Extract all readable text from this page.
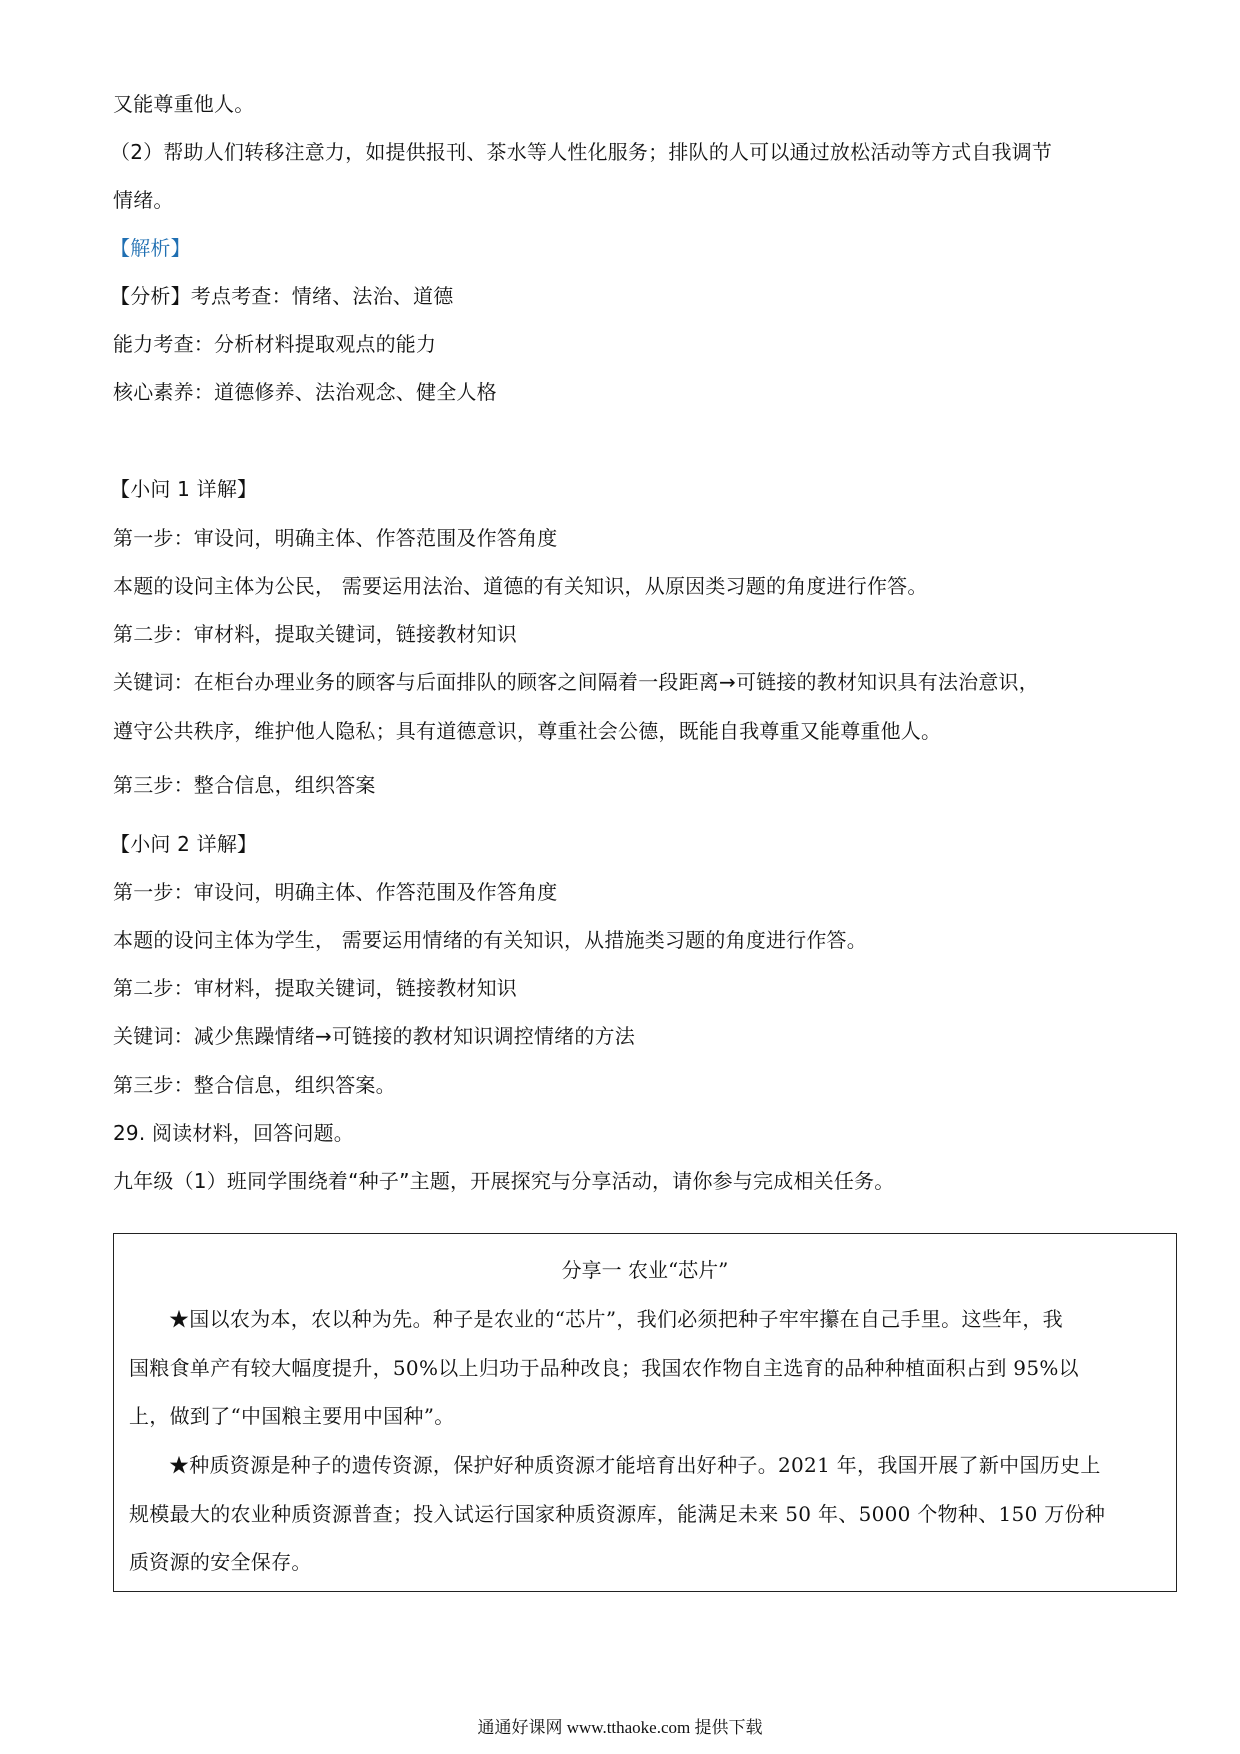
又能尊重他人。
（2）帮助人们转移注意力，如提供报刊、茶水等人性化服务；排队的人可以通过放松活动等方式自我调节
情绪。
【解析】
【分析】考点考查：情绪、法治、道德
能力考查：分析材料提取观点的能力
核心素养：道德修养、法治观念、健全人格
【小问 1 详解】
第一步：审设问，明确主体、作答范围及作答角度
本题的设问主体为公民， 需要运用法治、道德的有关知识，从原因类习题的角度进行作答。
第二步：审材料，提取关键词，链接教材知识
关键词：在柜台办理业务的顾客与后面排队的顾客之间隔着一段距离→可链接的教材知识具有法治意识，
遵守公共秩序，维护他人隐私；具有道德意识，尊重社会公德，既能自我尊重又能尊重他人。
第三步：整合信息，组织答案
【小问 2 详解】
第一步：审设问，明确主体、作答范围及作答角度
本题的设问主体为学生， 需要运用情绪的有关知识，从措施类习题的角度进行作答。
第二步：审材料，提取关键词，链接教材知识
关键词：减少焦躁情绪→可链接的教材知识调控情绪的方法
第三步：整合信息，组织答案。
29. 阅读材料，回答问题。
九年级（1）班同学围绕着“种子”主题，开展探究与分享活动，请你参与完成相关任务。
分享一 农业“芯片”
★国以农为本，农以种为先。种子是农业的“芯片”，我们必须把种子牢牢攥在自己手里。这些年，我
国粮食单产有较大幅度提升，50%以上归功于品种改良；我国农作物自主选育的品种种植面积占到 95%以
上，做到了“中国粮主要用中国种”。
★种质资源是种子的遗传资源，保护好种质资源才能培育出好种子。2021 年，我国开展了新中国历史上
规模最大的农业种质资源普查；投入试运行国家种质资源库，能满足未来 50 年、5000 个物种、150 万份种
质资源的安全保存。
通通好课网 www.tthaoke.com 提供下载
